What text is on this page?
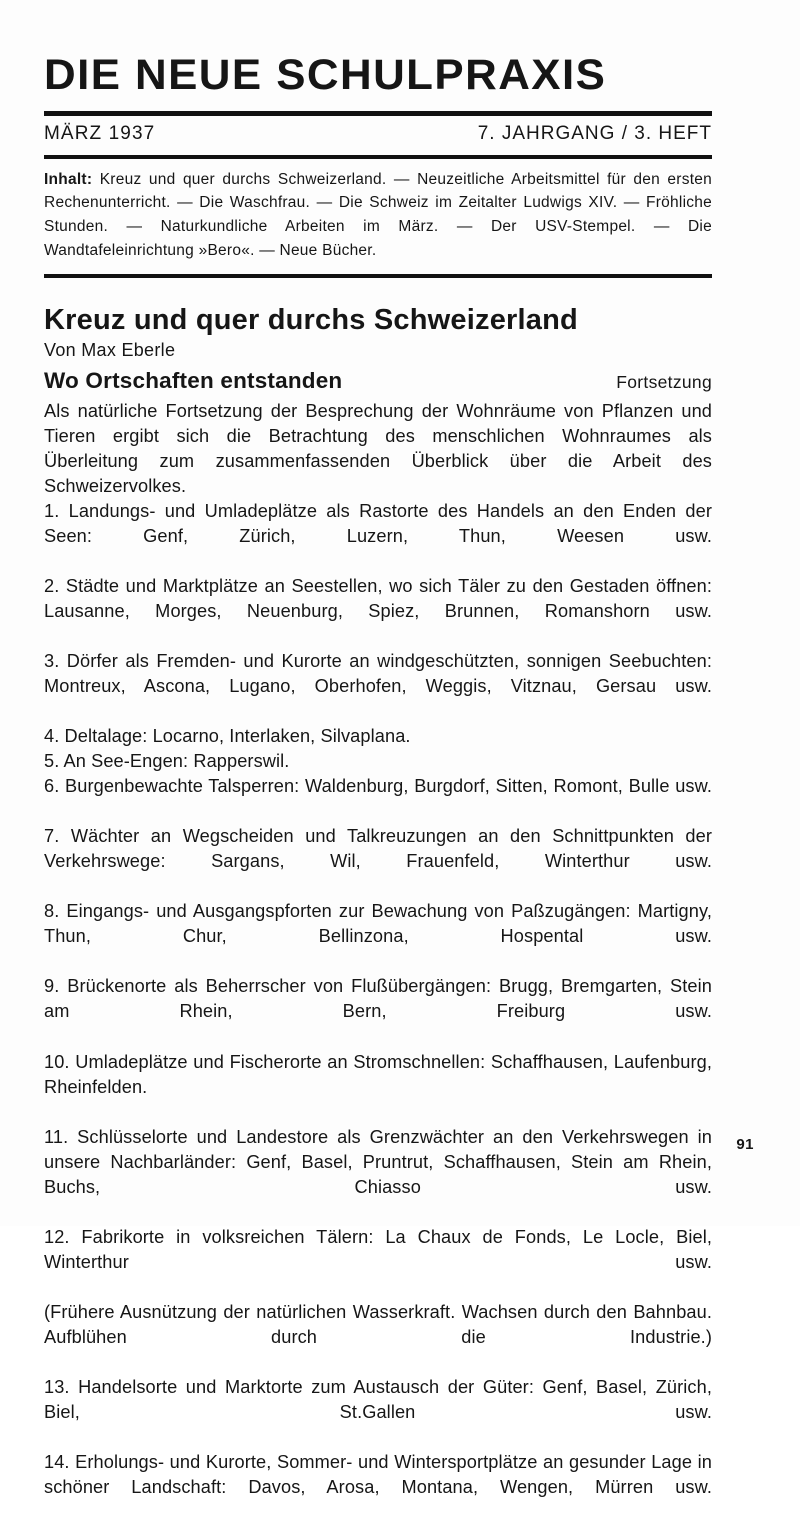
DIE NEUE SCHULPRAXIS
MÄRZ 1937	7. JAHRGANG / 3. HEFT
Inhalt: Kreuz und quer durchs Schweizerland. — Neuzeitliche Arbeitsmittel für den ersten Rechenunterricht. — Die Waschfrau. — Die Schweiz im Zeitalter Ludwigs XIV. — Fröhliche Stunden. — Naturkundliche Arbeiten im März. — Der USV-Stempel. — Die Wandtafeleinrichtung »Bero«. — Neue Bücher.
Kreuz und quer durchs Schweizerland
Von Max Eberle
Wo Ortschaften entstanden	Fortsetzung

Als natürliche Fortsetzung der Besprechung der Wohnräume von Pflanzen und Tieren ergibt sich die Betrachtung des menschlichen Wohnraumes als Überleitung zum zusammenfassenden Überblick über die Arbeit des Schweizervolkes.

1. Landungs- und Umladeplätze als Rastorte des Handels an den Enden der Seen: Genf, Zürich, Luzern, Thun, Weesen usw.

2. Städte und Marktplätze an Seestellen, wo sich Täler zu den Gestaden öffnen: Lausanne, Morges, Neuenburg, Spiez, Brunnen, Romanshorn usw.

3. Dörfer als Fremden- und Kurorte an windgeschützten, sonnigen Seebuchten: Montreux, Ascona, Lugano, Oberhofen, Weggis, Vitznau, Gersau usw.

4. Deltalage: Locarno, Interlaken, Silvaplana.

5. An See-Engen: Rapperswil.

6. Burgenbewachte Talsperren: Waldenburg, Burgdorf, Sitten, Romont, Bulle usw.

7. Wächter an Wegscheiden und Talkreuzungen an den Schnittpunkten der Verkehrswege: Sargans, Wil, Frauenfeld, Winterthur usw.

8. Eingangs- und Ausgangspforten zur Bewachung von Paßzugängen: Martigny, Thun, Chur, Bellinzona, Hospental usw.

9. Brückenorte als Beherrscher von Flußübergängen: Brugg, Bremgarten, Stein am Rhein, Bern, Freiburg usw.

10. Umladeplätze und Fischerorte an Stromschnellen: Schaffhausen, Laufenburg, Rheinfelden.

11. Schlüsselorte und Landestore als Grenzwächter an den Verkehrswegen in unsere Nachbarländer: Genf, Basel, Pruntrut, Schaffhausen, Stein am Rhein, Buchs, Chiasso usw.

12. Fabrikorte in volksreichen Tälern: La Chaux de Fonds, Le Locle, Biel, Winterthur usw.

(Frühere Ausnützung der natürlichen Wasserkraft. Wachsen durch den Bahnbau. Aufblühen durch die Industrie.)

13. Handelsorte und Marktorte zum Austausch der Güter: Genf, Basel, Zürich, Biel, St.Gallen usw.

14. Erholungs- und Kurorte, Sommer- und Wintersportplätze an gesunder Lage in schöner Landschaft: Davos, Arosa, Montana, Wengen, Mürren usw.

91
